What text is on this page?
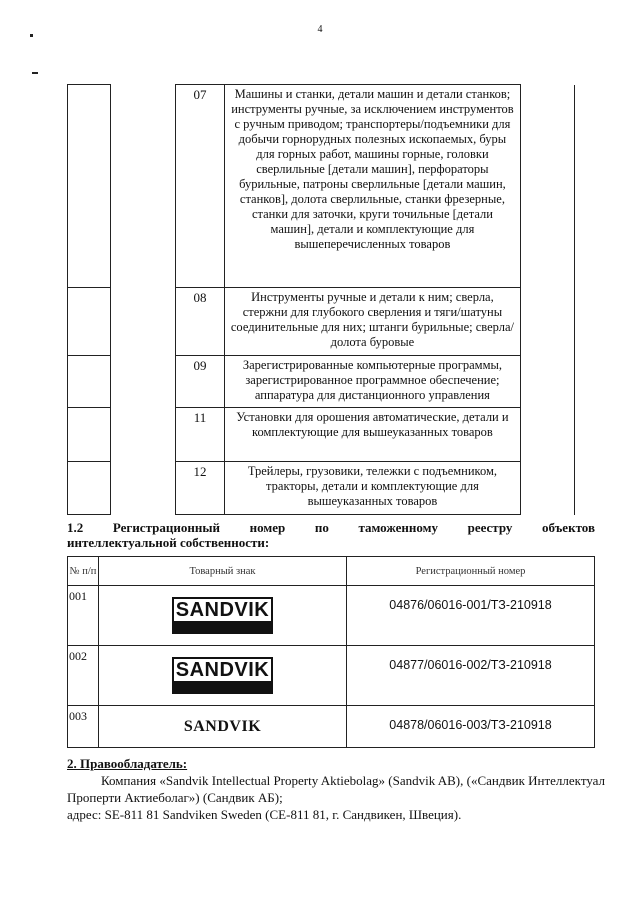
4
		07	Машины и станки, детали машин и детали станков; инструменты ручные, за исключением инструментов с ручным приводом; транспортеры/подъемники для добычи горнорудных полезных ископаемых, буры для горных работ, машины горные, головки сверлильные [детали машин], перфораторы бурильные, патроны сверлильные [детали машин, станков], долота сверлильные, станки фрезерные, станки для заточки, круги точильные [детали машин], детали и комплектующие для вышеперечисленных товаров	
		08	Инструменты ручные и детали к ним; сверла, стержни для глубокого сверления и тяги/шатуны соединительные для них; штанги бурильные; сверла/долота буровые	
		09	Зарегистрированные компьютерные программы, зарегистрированное программное обеспечение; аппаратура для дистанционного управления	
		11	Установки для орошения автоматические, детали и комплектующие для вышеуказанных товаров	
		12	Трейлеры, грузовики, тележки с подъемником, тракторы, детали и комплектующие для вышеуказанных товаров	
1.2 Регистрационный номер по таможенному реестру объектов
интеллектуальной собственности:
№ п/п	Товарный знак	Регистрационный номер
001	SANDVIK	04876/06016-001/ТЗ-210918
002	SANDVIK	04877/06016-002/ТЗ-210918
003	SANDVIK	04878/06016-003/ТЗ-210918
2. Правообладатель:
Компания «Sandvik Intellectual Property Aktiebolag» (Sandvik AB), («Сандвик Интеллектуал Проперти Актиеболаг») (Сандвик АБ);
адрес: SE-811 81 Sandviken Sweden (СЕ-811 81, г. Сандвикен, Швеция).
